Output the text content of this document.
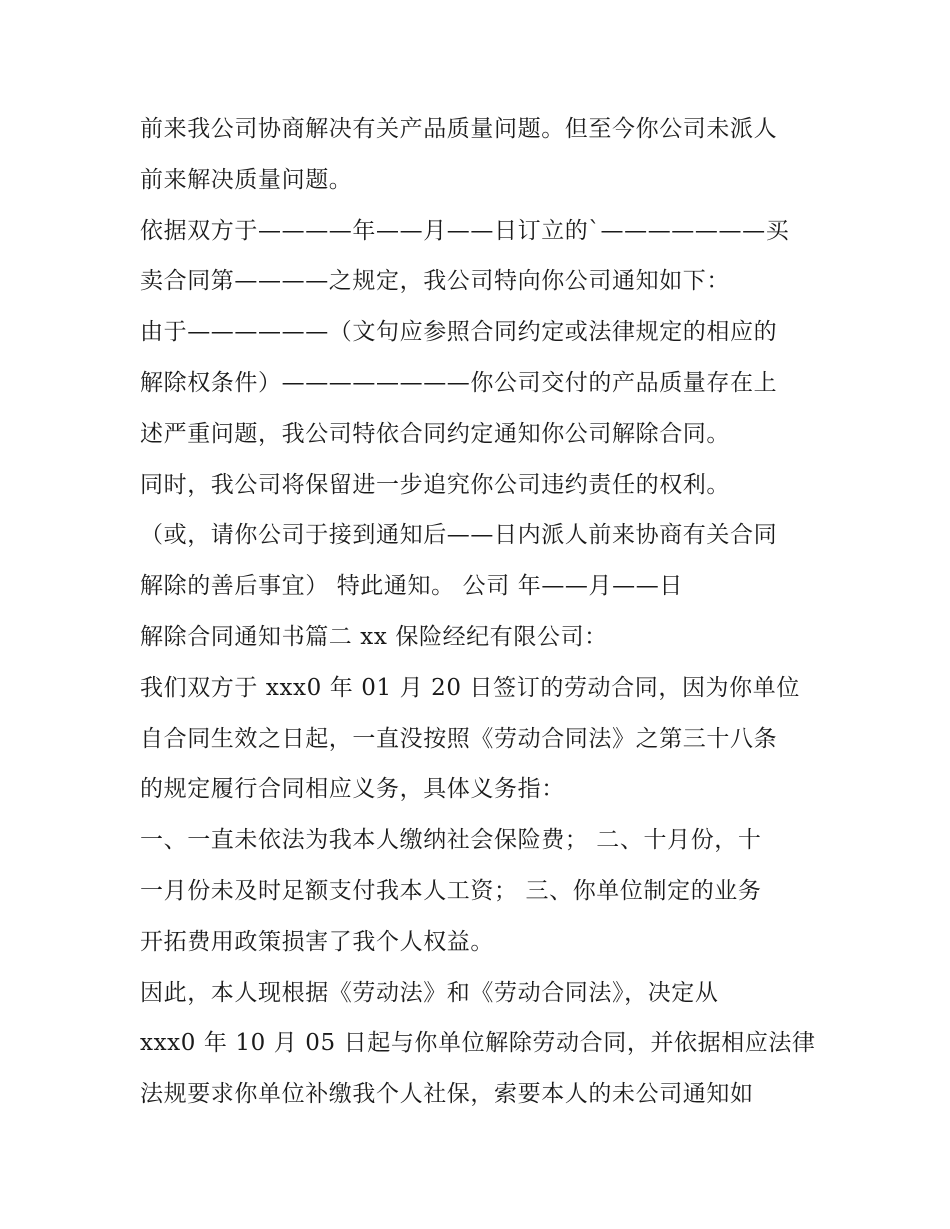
前来我公司协商解决有关产品质量问题。但至今你公司未派人
前来解决质量问题。
依据双方于————年——月——日订立的`———————买
卖合同第————之规定，我公司特向你公司通知如下：
由于——————（文句应参照合同约定或法律规定的相应的
解除权条件）————————你公司交付的产品质量存在上
述严重问题，我公司特依合同约定通知你公司解除合同。
同时，我公司将保留进一步追究你公司违约责任的权利。
（或，请你公司于接到通知后——日内派人前来协商有关合同
解除的善后事宜） 特此通知。 公司 年——月——日
解除合同通知书篇二 xx 保险经纪有限公司：
我们双方于 xxx0 年 01 月 20 日签订的劳动合同，因为你单位
自合同生效之日起，一直没按照《劳动合同法》之第三十八条
的规定履行合同相应义务，具体义务指：
一、一直未依法为我本人缴纳社会保险费； 二、十月份，十
一月份未及时足额支付我本人工资； 三、你单位制定的业务
开拓费用政策损害了我个人权益。
因此，本人现根据《劳动法》和《劳动合同法》，决定从
xxx0 年 10 月 05 日起与你单位解除劳动合同，并依据相应法律
法规要求你单位补缴我个人社保，索要本人的未公司通知如
